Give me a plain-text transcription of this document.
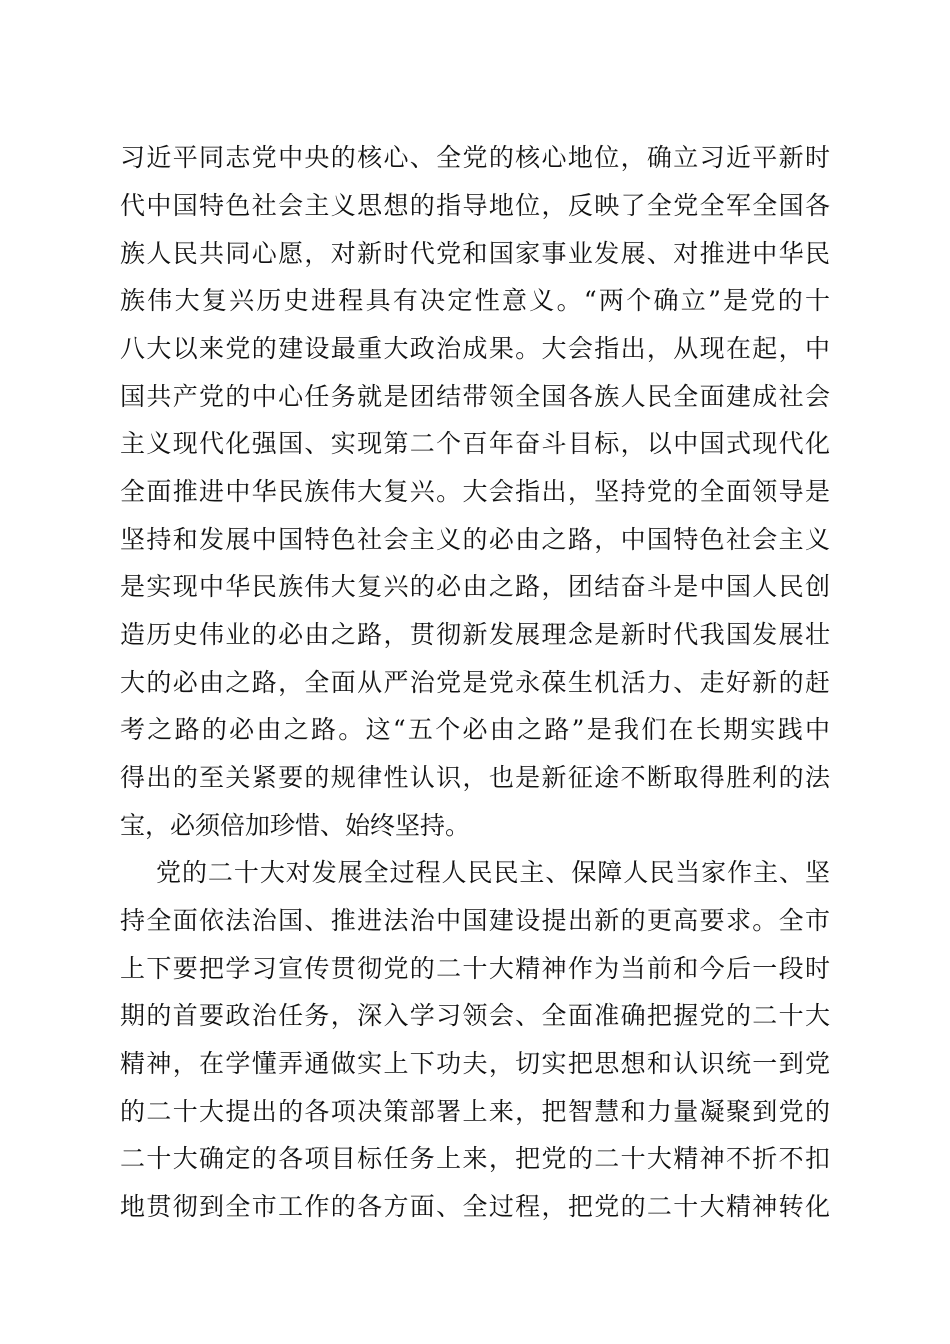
习近平同志党中央的核心、全党的核心地位，确立习近平新时
代中国特色社会主义思想的指导地位，反映了全党全军全国各
族人民共同心愿，对新时代党和国家事业发展、对推进中华民
族伟大复兴历史进程具有决定性意义。“两个确立”是党的十
八大以来党的建设最重大政治成果。大会指出，从现在起，中
国共产党的中心任务就是团结带领全国各族人民全面建成社会
主义现代化强国、实现第二个百年奋斗目标，以中国式现代化
全面推进中华民族伟大复兴。大会指出，坚持党的全面领导是
坚持和发展中国特色社会主义的必由之路，中国特色社会主义
是实现中华民族伟大复兴的必由之路，团结奋斗是中国人民创
造历史伟业的必由之路，贯彻新发展理念是新时代我国发展壮
大的必由之路，全面从严治党是党永葆生机活力、走好新的赶
考之路的必由之路。这“五个必由之路”是我们在长期实践中
得出的至关紧要的规律性认识，也是新征途不断取得胜利的法
宝，必须倍加珍惜、始终坚持。
党的二十大对发展全过程人民民主、保障人民当家作主、坚
持全面依法治国、推进法治中国建设提出新的更高要求。全市
上下要把学习宣传贯彻党的二十大精神作为当前和今后一段时
期的首要政治任务，深入学习领会、全面准确把握党的二十大
精神，在学懂弄通做实上下功夫，切实把思想和认识统一到党
的二十大提出的各项决策部署上来，把智慧和力量凝聚到党的
二十大确定的各项目标任务上来，把党的二十大精神不折不扣
地贯彻到全市工作的各方面、全过程，把党的二十大精神转化
